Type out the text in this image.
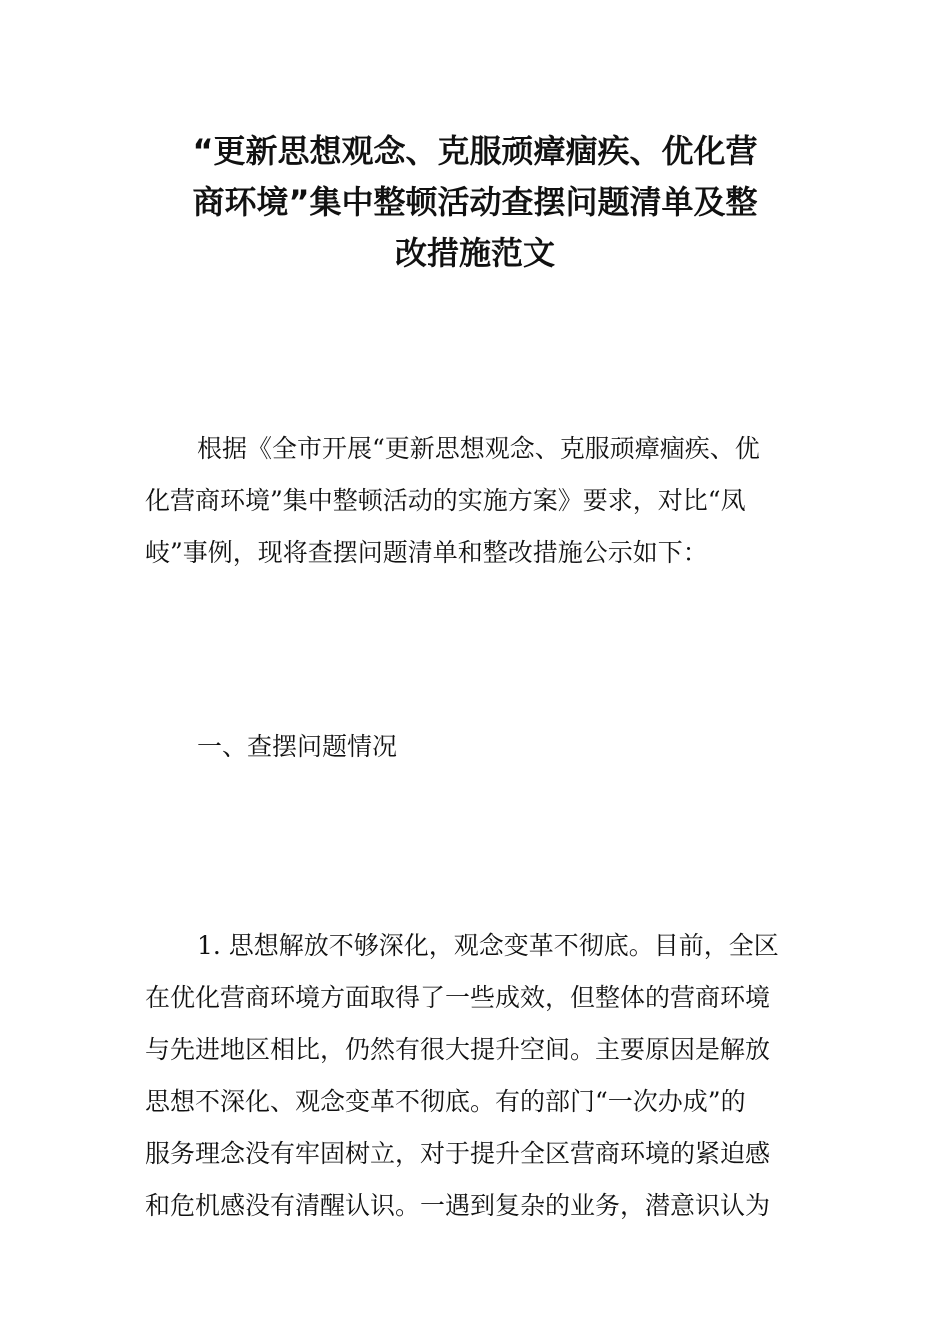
“更新思想观念、克服顽瘴痼疾、优化营
商环境”集中整顿活动查摆问题清单及整
改措施范文

根据《全市开展“更新思想观念、克服顽瘴痼疾、优
化营商环境”集中整顿活动的实施方案》要求，对比“凤
岐”事例，现将查摆问题清单和整改措施公示如下：

一、查摆问题情况

1. 思想解放不够深化，观念变革不彻底。目前，全区
在优化营商环境方面取得了一些成效，但整体的营商环境
与先进地区相比，仍然有很大提升空间。主要原因是解放
思想不深化、观念变革不彻底。有的部门“一次办成”的
服务理念没有牢固树立，对于提升全区营商环境的紧迫感
和危机感没有清醒认识。一遇到复杂的业务，潜意识认为
